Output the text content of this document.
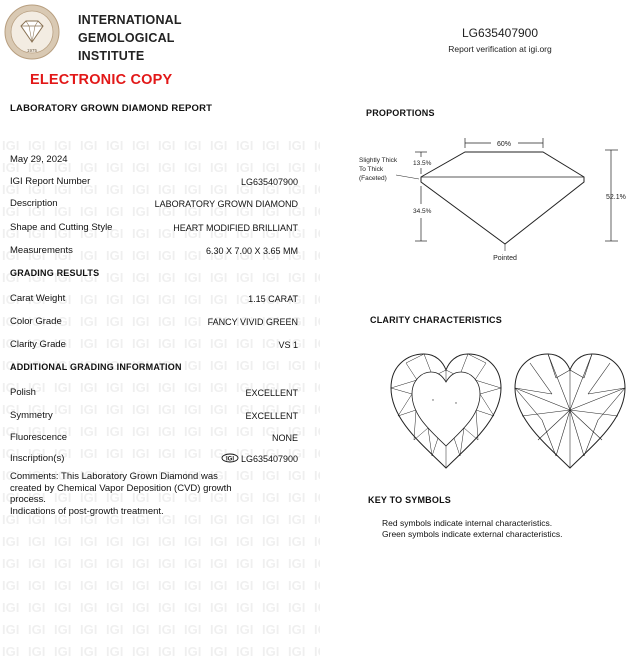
1975
INTERNATIONAL
GEMOLOGICAL
INSTITUTE
ELECTRONIC COPY
LG635407900
Report verification at igi.org
LABORATORY GROWN DIAMOND REPORT
May 29, 2024
IGI Report Number	LG635407900
Description	LABORATORY GROWN DIAMOND
Shape and Cutting Style	HEART MODIFIED BRILLIANT
Measurements	6.30 X 7.00 X 3.65 MM
GRADING RESULTS
Carat Weight	1.15 CARAT
Color Grade	FANCY VIVID GREEN
Clarity Grade	VS 1
ADDITIONAL GRADING INFORMATION
Polish	EXCELLENT
Symmetry	EXCELLENT
Fluorescence	NONE
Inscription(s)	IGI LG635407900
Comments: This Laboratory Grown Diamond was
created by Chemical Vapor Deposition (CVD) growth
process.
Indications of post-growth treatment.
PROPORTIONS
60%
52.1%
13.5%
34.5%
Slightly Thick
To Thick
(Faceted)
Pointed
CLARITY CHARACTERISTICS
KEY TO SYMBOLS
Red symbols indicate internal characteristics.
Green symbols indicate external characteristics.
